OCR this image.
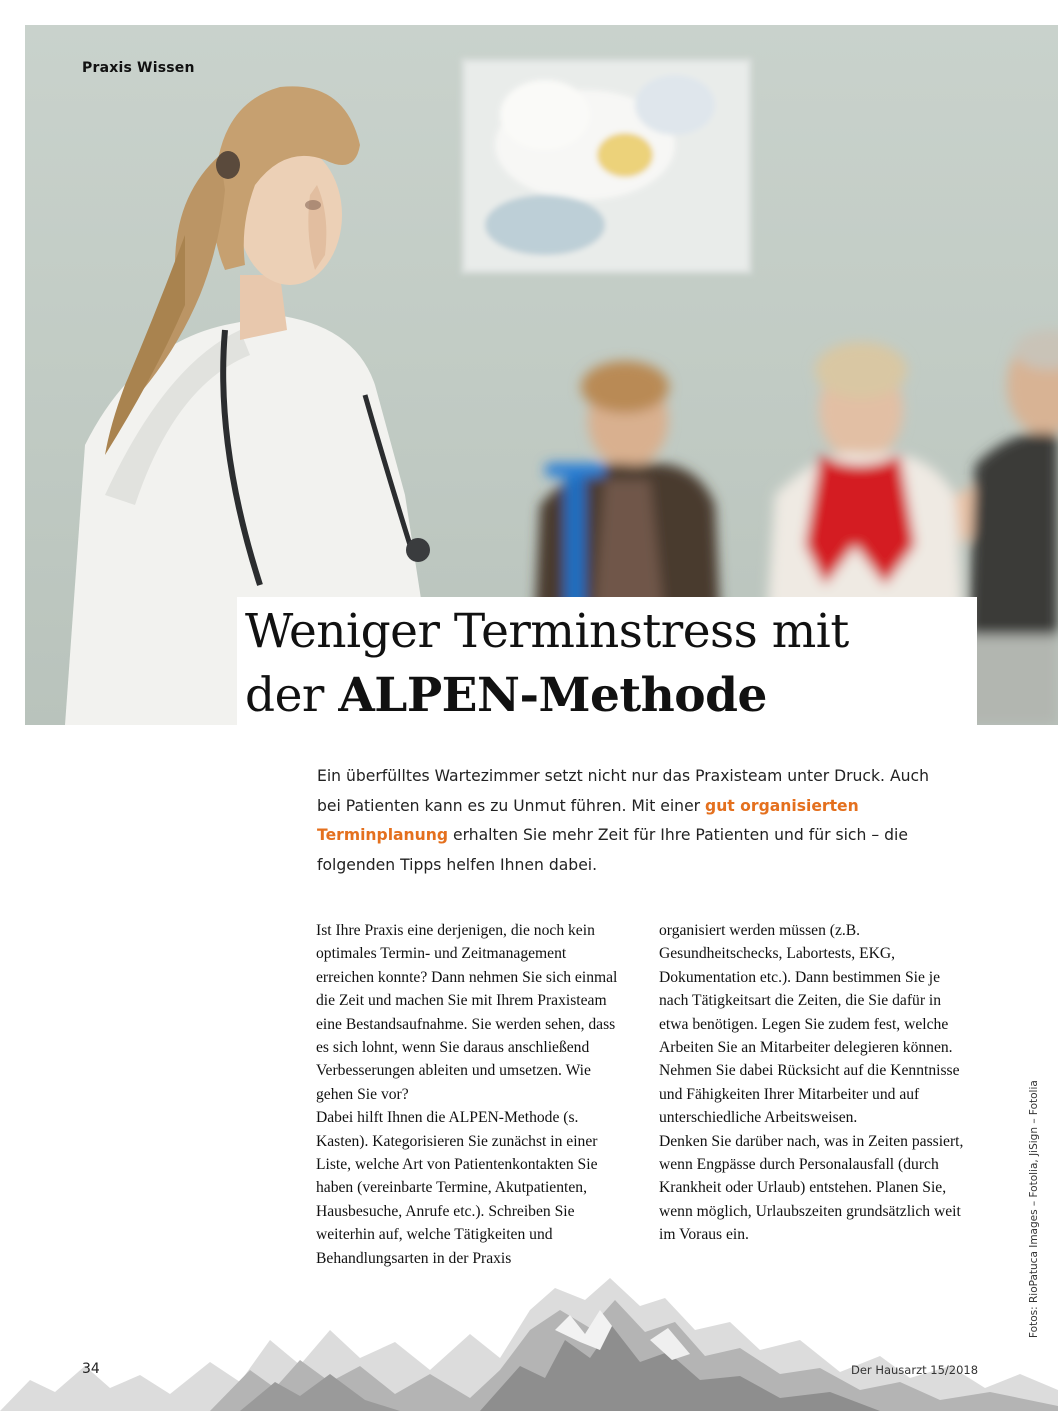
Praxis Wissen
Weniger Terminstress mit
der ALPEN-Methode
Ein überfülltes Wartezimmer setzt nicht nur das Praxisteam unter Druck. Auch bei Patienten kann es zu Unmut führen. Mit einer gut organisierten Terminplanung erhalten Sie mehr Zeit für Ihre Patienten und für sich – die folgenden Tipps helfen Ihnen dabei.

Ist Ihre Praxis eine derjenigen, die noch kein optimales Termin- und Zeitmanagement erreichen konnte? Dann nehmen Sie sich einmal die Zeit und machen Sie mit Ihrem Praxisteam eine Bestandsaufnahme. Sie werden sehen, dass es sich lohnt, wenn Sie daraus anschließend Verbesserungen ableiten und umsetzen. Wie gehen Sie vor?

Dabei hilft Ihnen die ALPEN-Methode (s. Kasten). Kategorisieren Sie zunächst in einer Liste, welche Art von Patientenkontakten Sie haben (vereinbarte Termine, Akutpatienten, Hausbesuche, Anrufe etc.). Schreiben Sie weiterhin auf, welche Tätigkeiten und Behandlungsarten in der Praxis

organisiert werden müssen (z.B. Gesundheitschecks, Labortests, EKG, Dokumentation etc.). Dann bestimmen Sie je nach Tätigkeitsart die Zeiten, die Sie dafür in etwa benötigen. Legen Sie zudem fest, welche Arbeiten Sie an Mitarbeiter delegieren können. Nehmen Sie dabei Rücksicht auf die Kenntnisse und Fähigkeiten Ihrer Mitarbeiter und auf unterschiedliche Arbeitsweisen.

Denken Sie darüber nach, was in Zeiten passiert, wenn Engpässe durch Personalausfall (durch Krankheit oder Urlaub) entstehen. Planen Sie, wenn möglich, Urlaubszeiten grundsätzlich weit im Voraus ein.	Fotos: RioPatuca Images – Fotolia, JiSign – Fotolia
34	Der Hausarzt 15/2018
